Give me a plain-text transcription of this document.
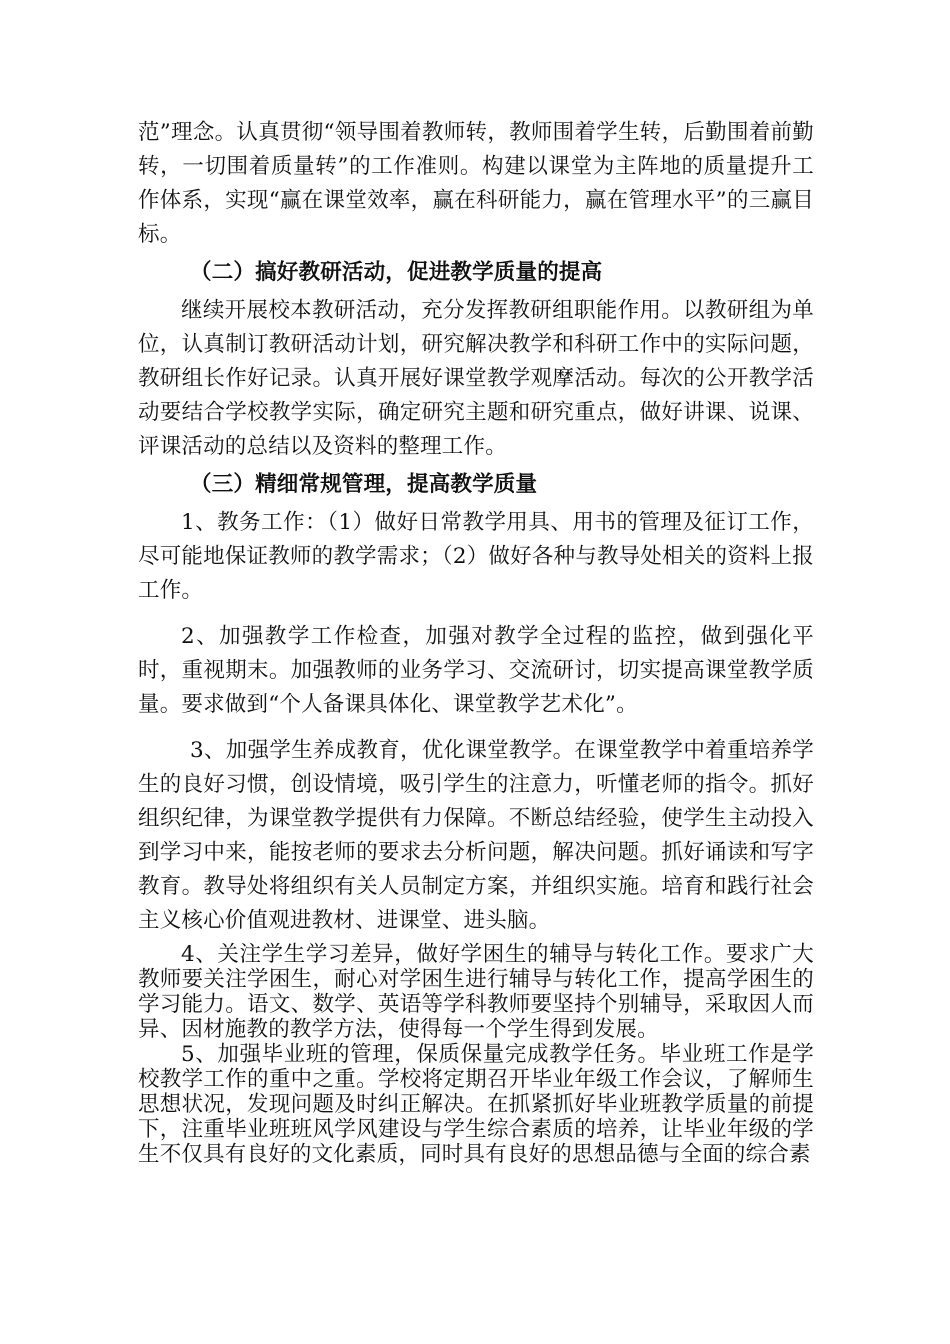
范”理念。认真贯彻“领导围着教师转，教师围着学生转，后勤围着前勤转，一切围着质量转”的工作准则。构建以课堂为主阵地的质量提升工作体系，实现“赢在课堂效率，赢在科研能力，赢在管理水平”的三赢目标。

（二）搞好教研活动，促进教学质量的提高

继续开展校本教研活动，充分发挥教研组职能作用。以教研组为单位，认真制订教研活动计划，研究解决教学和科研工作中的实际问题，教研组长作好记录。认真开展好课堂教学观摩活动。每次的公开教学活动要结合学校教学实际，确定研究主题和研究重点，做好讲课、说课、评课活动的总结以及资料的整理工作。

（三）精细常规管理，提高教学质量

1、教务工作：（1）做好日常教学用具、用书的管理及征订工作，尽可能地保证教师的教学需求；（2）做好各种与教导处相关的资料上报工作。

2、加强教学工作检查，加强对教学全过程的监控，做到强化平时，重视期末。加强教师的业务学习、交流研讨，切实提高课堂教学质量。要求做到“个人备课具体化、课堂教学艺术化”。

3、加强学生养成教育，优化课堂教学。在课堂教学中着重培养学生的良好习惯，创设情境，吸引学生的注意力，听懂老师的指令。抓好组织纪律，为课堂教学提供有力保障。不断总结经验，使学生主动投入到学习中来，能按老师的要求去分析问题，解决问题。抓好诵读和写字教育。教导处将组织有关人员制定方案，并组织实施。培育和践行社会主义核心价值观进教材、进课堂、进头脑。

4、关注学生学习差异，做好学困生的辅导与转化工作。要求广大教师要关注学困生，耐心对学困生进行辅导与转化工作，提高学困生的学习能力。语文、数学、英语等学科教师要坚持个别辅导，采取因人而异、因材施教的教学方法，使得每一个学生得到发展。

5、加强毕业班的管理，保质保量完成教学任务。毕业班工作是学校教学工作的重中之重。学校将定期召开毕业年级工作会议，了解师生思想状况，发现问题及时纠正解决。在抓紧抓好毕业班教学质量的前提下，注重毕业班班风学风建设与学生综合素质的培养，让毕业年级的学生不仅具有良好的文化素质，同时具有良好的思想品德与全面的综合素
